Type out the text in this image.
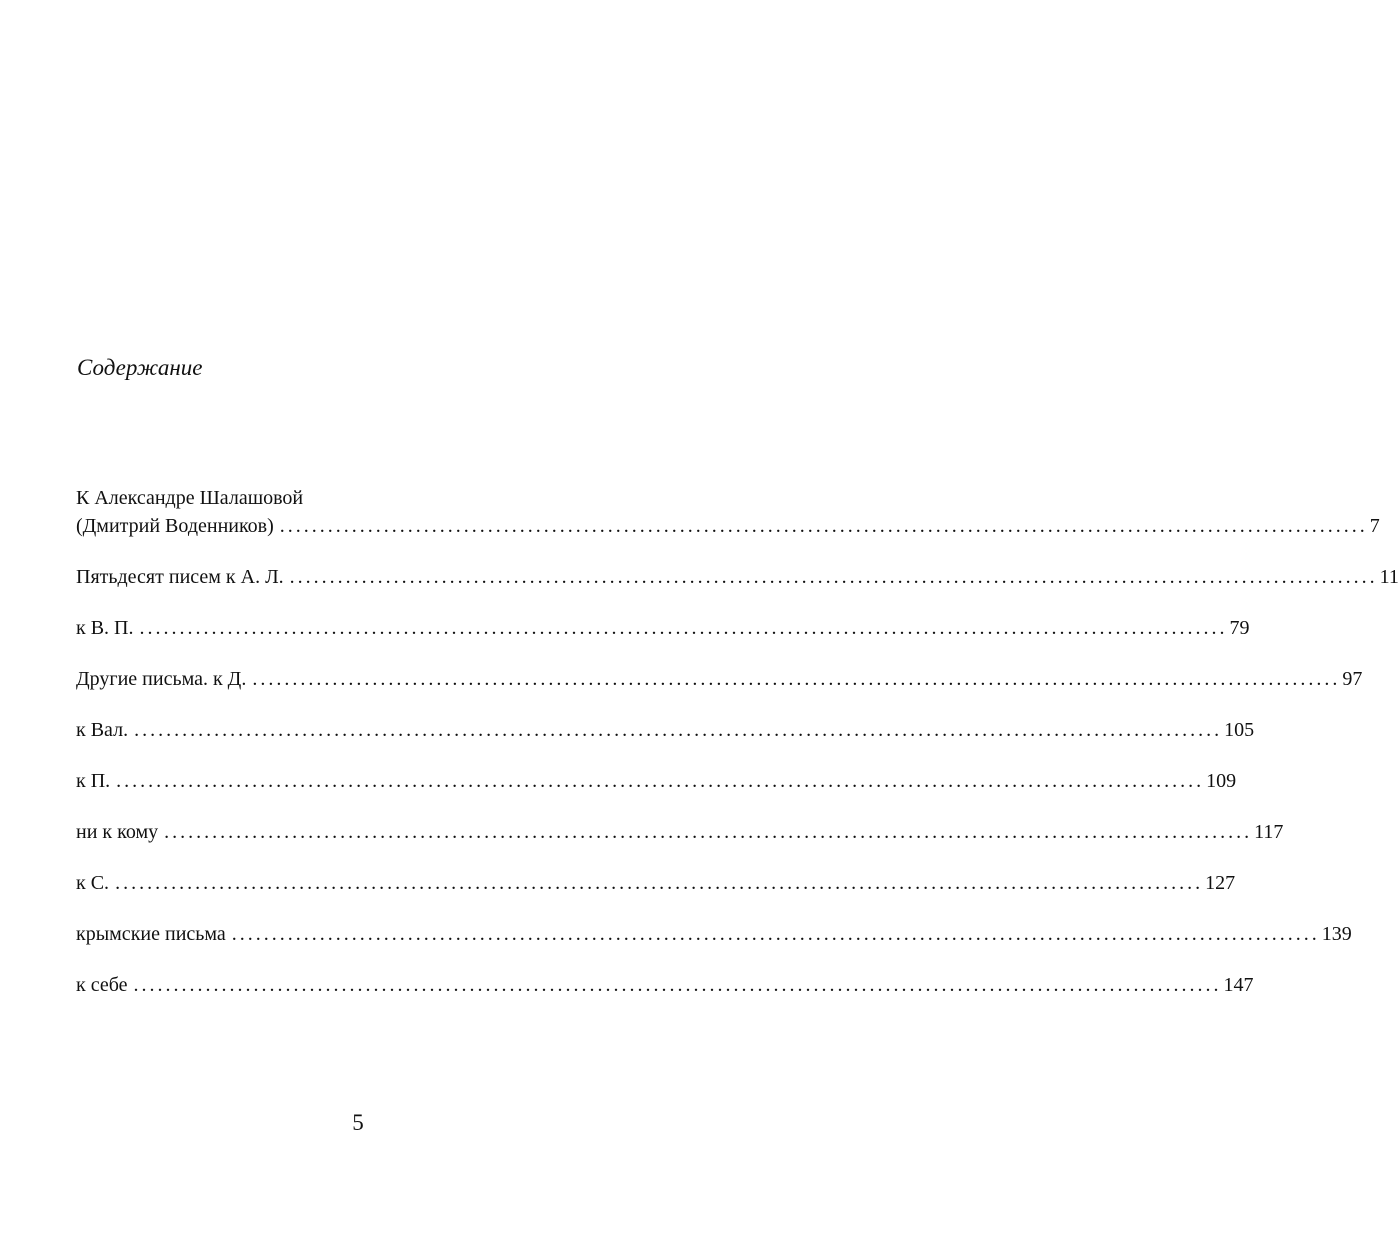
Содержание
К Александре Шалашовой
(Дмитрий Воденников) ........................................................................................................................................ 7
Пятьдесят писем к А. Л. ........................................................................................................................................ 11
к В. П. ........................................................................................................................................ 79
Другие письма. к Д. ........................................................................................................................................ 97
к Вал. ........................................................................................................................................ 105
к П. ........................................................................................................................................ 109
ни к кому ........................................................................................................................................ 117
к С. ........................................................................................................................................ 127
крымские письма ........................................................................................................................................ 139
к себе ........................................................................................................................................ 147
5
